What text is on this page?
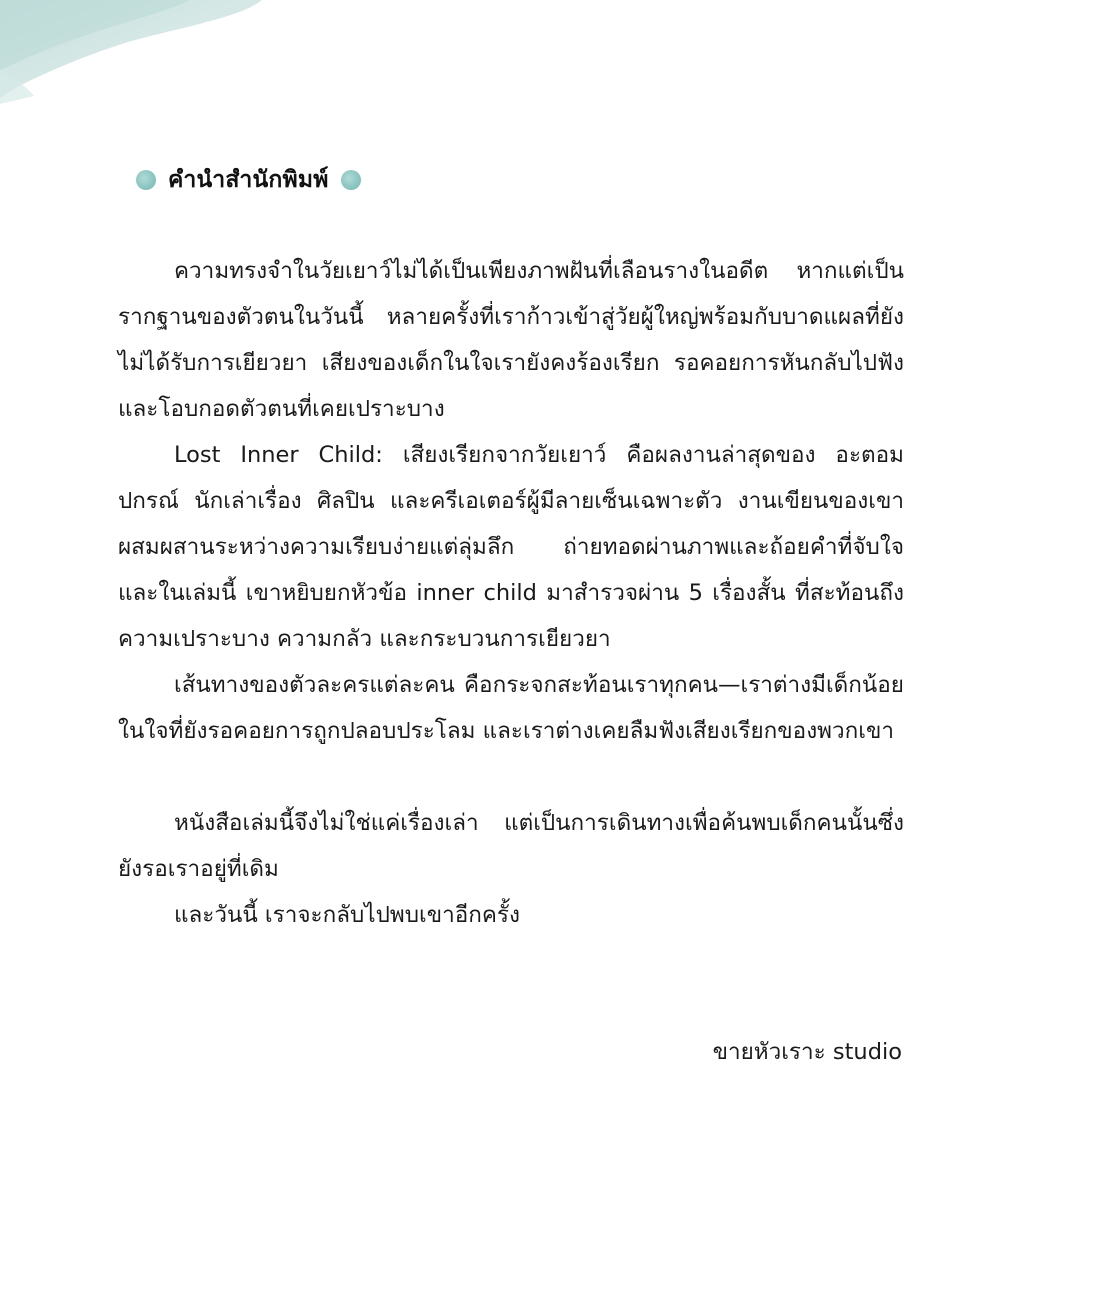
คำนำสำนักพิมพ์

ความทรงจำในวัยเยาว์ไม่ได้เป็นเพียงภาพฝันที่เลือนรางในอดีต หากแต่เป็นรากฐานของตัวตนในวันนี้ หลายครั้งที่เราก้าวเข้าสู่วัยผู้ใหญ่พร้อมกับบาดแผลที่ยังไม่ได้รับการเยียวยา เสียงของเด็กในใจเรายังคงร้องเรียก รอคอยการหันกลับไปฟัง และโอบกอดตัวตนที่เคยเปราะบาง

Lost Inner Child: เสียงเรียกจากวัยเยาว์ คือผลงานล่าสุดของ อะตอม ปกรณ์ นักเล่าเรื่อง ศิลปิน และครีเอเตอร์ผู้มีลายเซ็นเฉพาะตัว งานเขียนของเขาผสมผสานระหว่างความเรียบง่ายแต่ลุ่มลึก ถ่ายทอดผ่านภาพและถ้อยคำที่จับใจ และในเล่มนี้ เขาหยิบยกหัวข้อ inner child มาสำรวจผ่าน 5 เรื่องสั้น ที่สะท้อนถึงความเปราะบาง ความกลัว และกระบวนการเยียวยา

เส้นทางของตัวละครแต่ละคน คือกระจกสะท้อนเราทุกคน—เราต่างมีเด็กน้อยในใจที่ยังรอคอยการถูกปลอบประโลม และเราต่างเคยลืมฟังเสียงเรียกของพวกเขา

หนังสือเล่มนี้จึงไม่ใช่แค่เรื่องเล่า แต่เป็นการเดินทางเพื่อค้นพบเด็กคนนั้นซึ่งยังรอเราอยู่ที่เดิม

และวันนี้ เราจะกลับไปพบเขาอีกครั้ง

ขายหัวเราะ studio
